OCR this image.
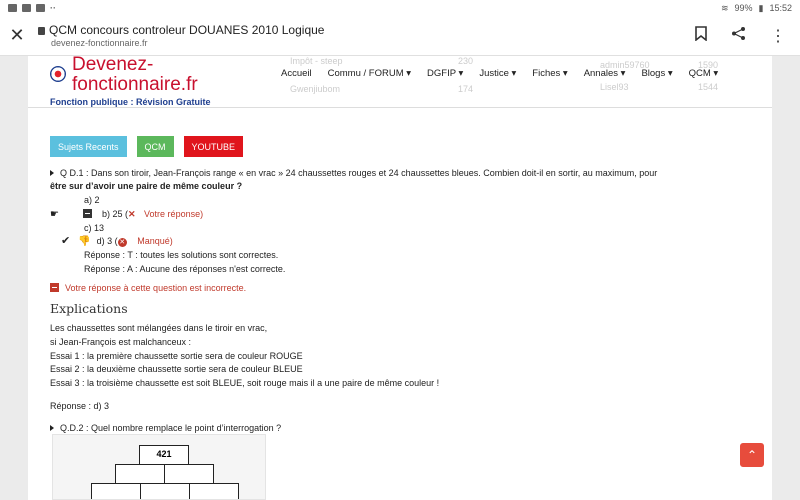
··	≋ 99% ▮ 15:52
✕	QCM concours controleur DOUANES 2010 Logique
devenez-fonctionnaire.fr	⋮
Impôt - steep	230
Gwenjiubom	174
admin59760	1590
Lisel93	1544
Devenez-
fonctionnaire.fr
Fonction publique : Révision Gratuite
Accueil Commu / FORUM ▾ DGFIP ▾ Justice ▾ Fiches ▾ Annales ▾ Blogs ▾ QCM ▾
Sujets Recents	QCM	YOUTUBE
Q D.1 : Dans son tiroir, Jean-François range « en vrac » 24 chaussettes rouges et 24 chaussettes bleues. Combien doit-il en sortir, au maximum, pour
être sur d’avoir une paire de même couleur ?
a) 2
☛	b) 25 (✕ Votre réponse)
c) 13
✔ 👎 d) 3 ( ✕ Manqué)
Réponse : T : toutes les solutions sont correctes.
Réponse : A : Aucune des réponses n'est correcte.
Votre réponse à cette question est incorrecte.
Explications
Les chaussettes sont mélangées dans le tiroir en vrac,
si Jean-François est malchanceux :
Essai 1 : la première chaussette sortie sera de couleur ROUGE
Essai 2 : la deuxième chaussette sortie sera de couleur BLEUE
Essai 3 : la troisième chaussette est soit BLEUE, soit rouge mais il a une paire de même couleur !
Réponse : d) 3
Q.D.2 : Quel nombre remplace le point d’interrogation ?
421	⌃
